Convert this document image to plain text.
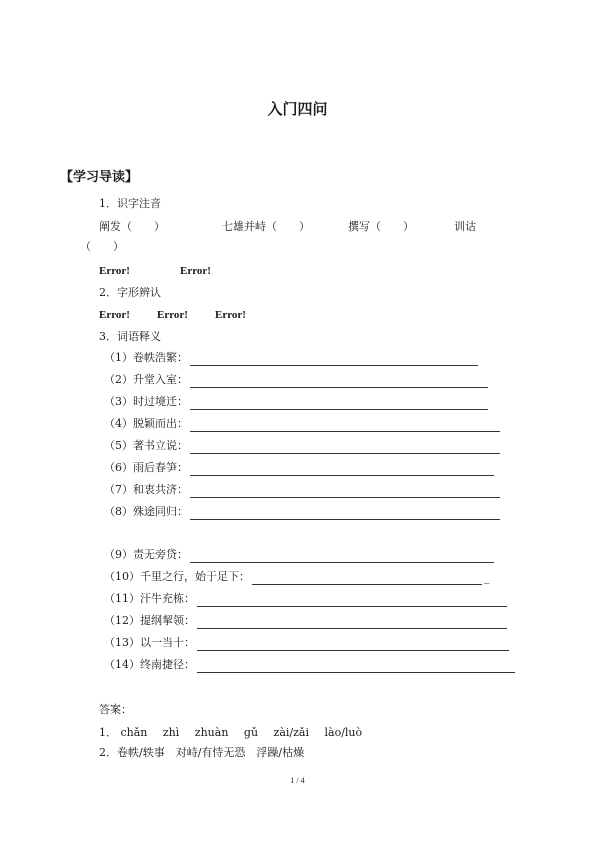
入门四问
【学习导读】
1．识字注音
阐发（　　）	七雄并峙（　　）	撰写（　　）	训诂
（　　）
Error!	Error!
2．字形辨认
Error! Error! Error!
3．词语释义
（1）卷帙浩繁：
（2）升堂入室：
（3）时过境迁：
（4）脱颖而出：
（5）著书立说：
（6）雨后春笋：
（7）和衷共济：
（8）殊途同归：
（9）责无旁贷：
（10）千里之行，始于足下：	_
（11）汗牛充栋：
（12）提纲挈领：
（13）以一当十：
（14）终南捷径：
答案：
1． chǎn zhì zhuàn gǔ zài/zǎi lào/luò
2．卷帙/轶事　对峙/有恃无恐　浮躁/枯燥
1 / 4
